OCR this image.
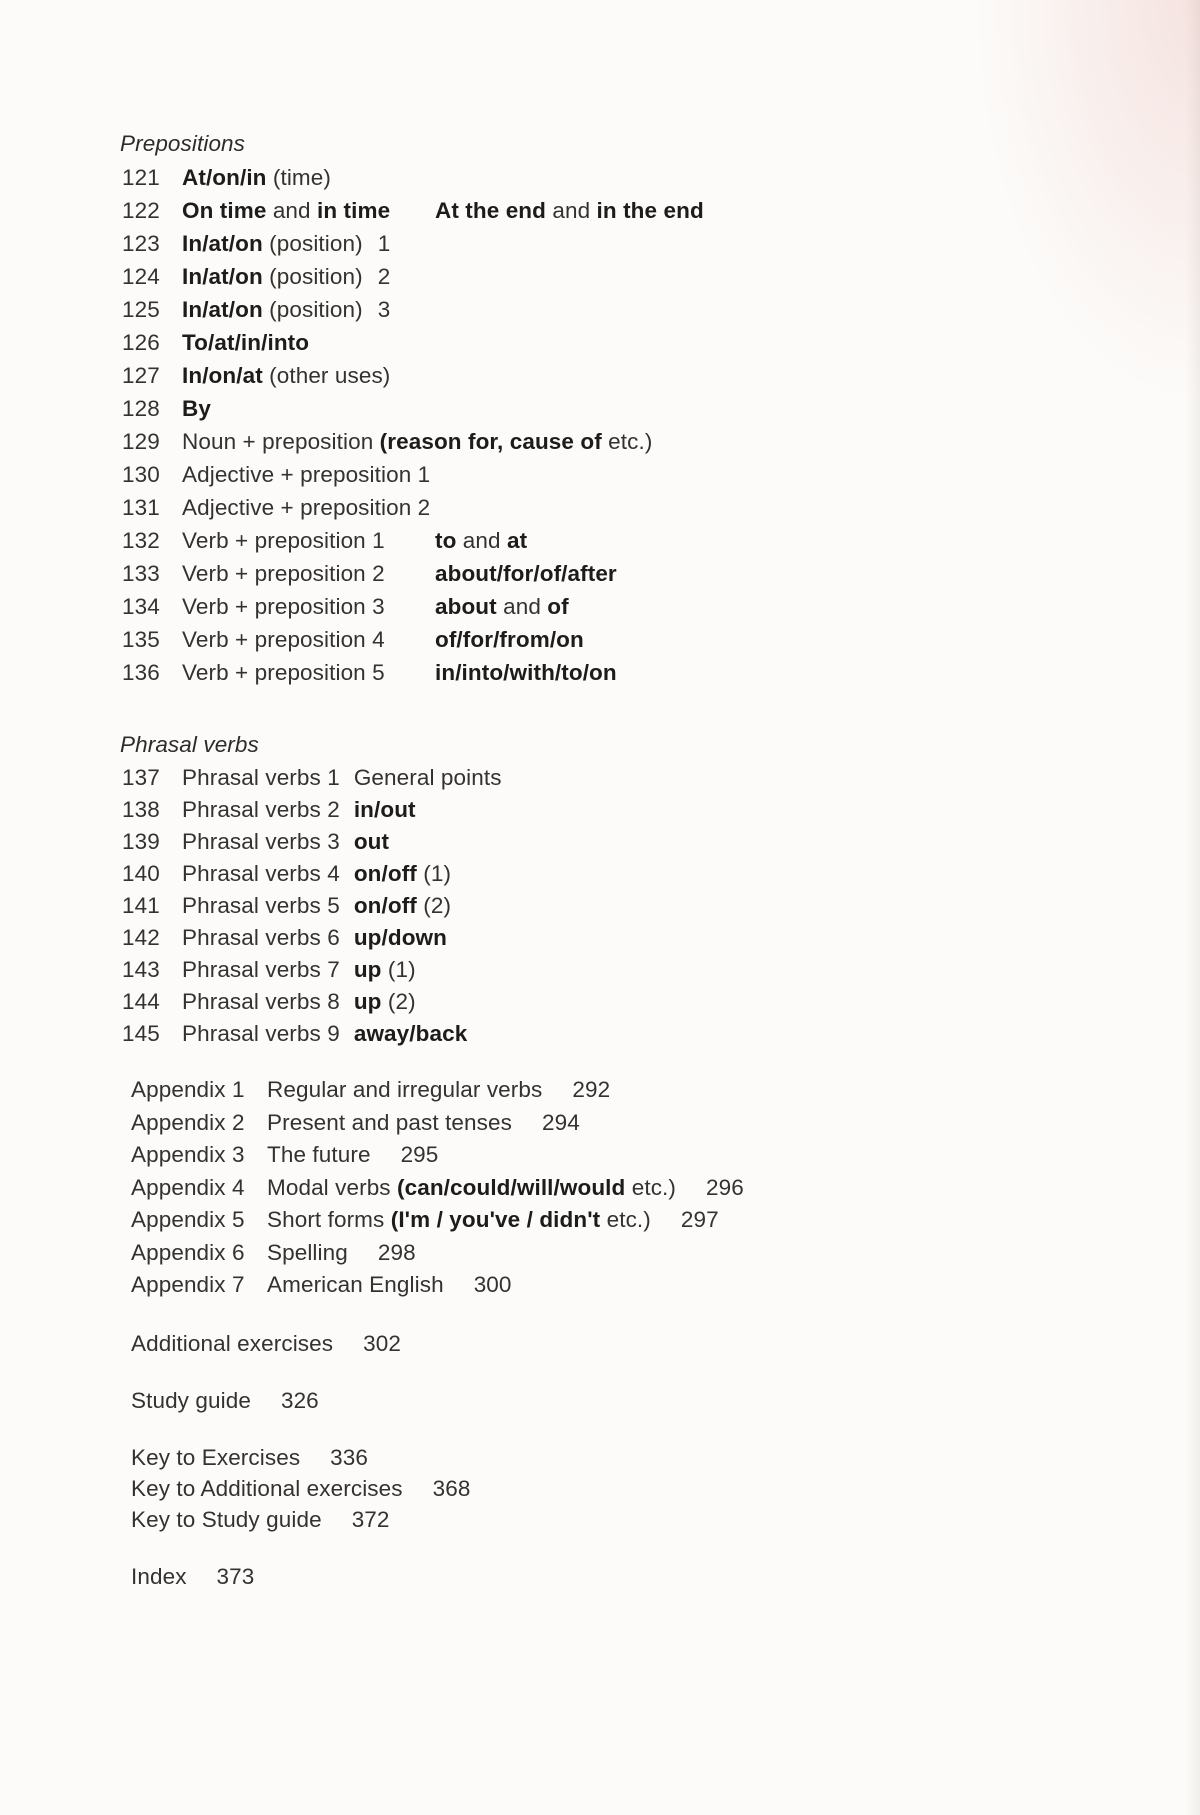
Prepositions
121 At/on/in (time)
122 On time and in time At the end and in the end
123 In/at/on (position) 1
124 In/at/on (position) 2
125 In/at/on (position) 3
126 To/at/in/into
127 In/on/at (other uses)
128 By
129 Noun + preposition (reason for, cause of etc.)
130 Adjective + preposition 1
131 Adjective + preposition 2
132 Verb + preposition 1 to and at
133 Verb + preposition 2 about/for/of/after
134 Verb + preposition 3 about and of
135 Verb + preposition 4 of/for/from/on
136 Verb + preposition 5 in/into/with/to/on
Phrasal verbs
137 Phrasal verbs 1 General points
138 Phrasal verbs 2 in/out
139 Phrasal verbs 3 out
140 Phrasal verbs 4 on/off (1)
141 Phrasal verbs 5 on/off (2)
142 Phrasal verbs 6 up/down
143 Phrasal verbs 7 up (1)
144 Phrasal verbs 8 up (2)
145 Phrasal verbs 9 away/back
Appendix 1 Regular and irregular verbs 292
Appendix 2 Present and past tenses 294
Appendix 3 The future 295
Appendix 4 Modal verbs (can/could/will/would etc.) 296
Appendix 5 Short forms (I'm / you've / didn't etc.) 297
Appendix 6 Spelling 298
Appendix 7 American English 300
Additional exercises 302
Study guide 326
Key to Exercises 336
Key to Additional exercises 368
Key to Study guide 372
Index 373
